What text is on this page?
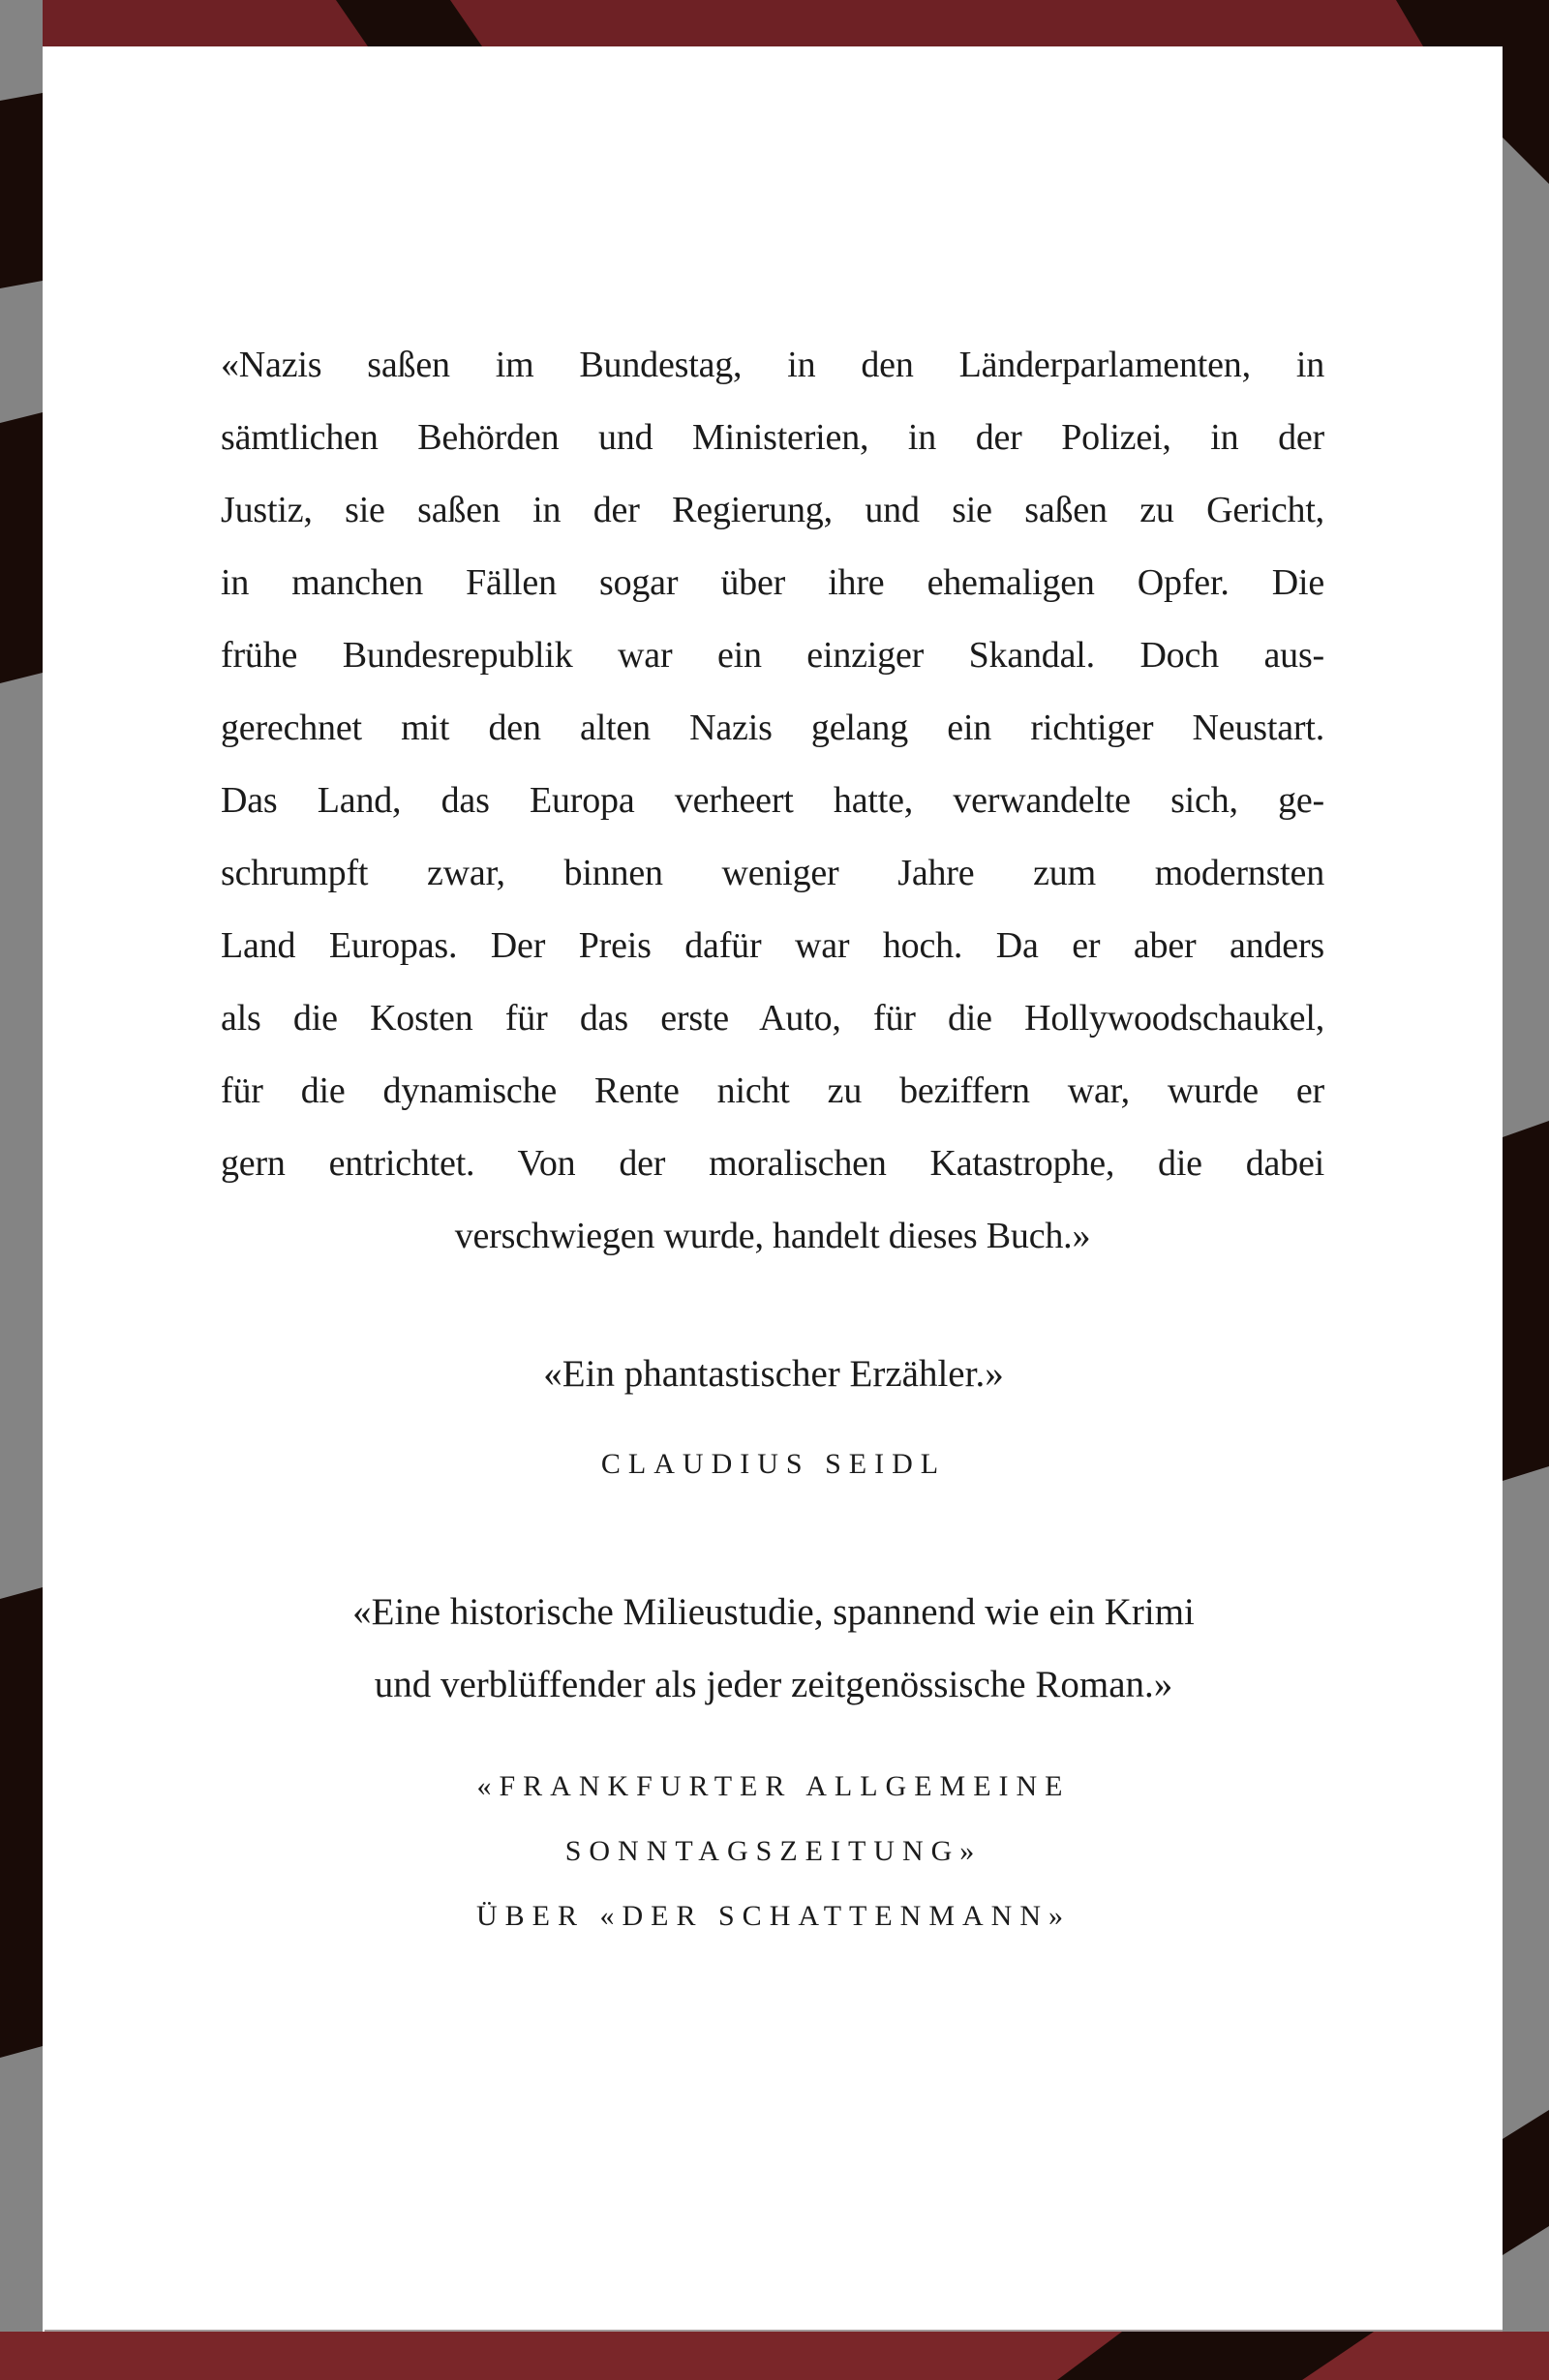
«Nazis saßen im Bundestag, in den Länderparlamenten, in
sämtlichen Behörden und Ministerien, in der Polizei, in der
Justiz, sie saßen in der Regierung, und sie saßen zu Gericht,
in manchen Fällen sogar über ihre ehemaligen Opfer. Die
frühe Bundesrepublik war ein einziger Skandal. Doch aus-
gerechnet mit den alten Nazis gelang ein richtiger Neustart.
Das Land, das Europa verheert hatte, verwandelte sich, ge-
schrumpft zwar, binnen weniger Jahre zum modernsten
Land Europas. Der Preis dafür war hoch. Da er aber anders
als die Kosten für das erste Auto, für die Hollywoodschaukel,
für die dynamische Rente nicht zu beziffern war, wurde er
gern entrichtet. Von der moralischen Katastrophe, die dabei
verschwiegen wurde, handelt dieses Buch.»
«Ein phantastischer Erzähler.»
CLAUDIUS SEIDL
«Eine historische Milieustudie, spannend wie ein Krimi
und verblüffender als jeder zeitgenössische Roman.»
«FRANKFURTER ALLGEMEINE
SONNTAGSZEITUNG»
ÜBER «DER SCHATTENMANN»
